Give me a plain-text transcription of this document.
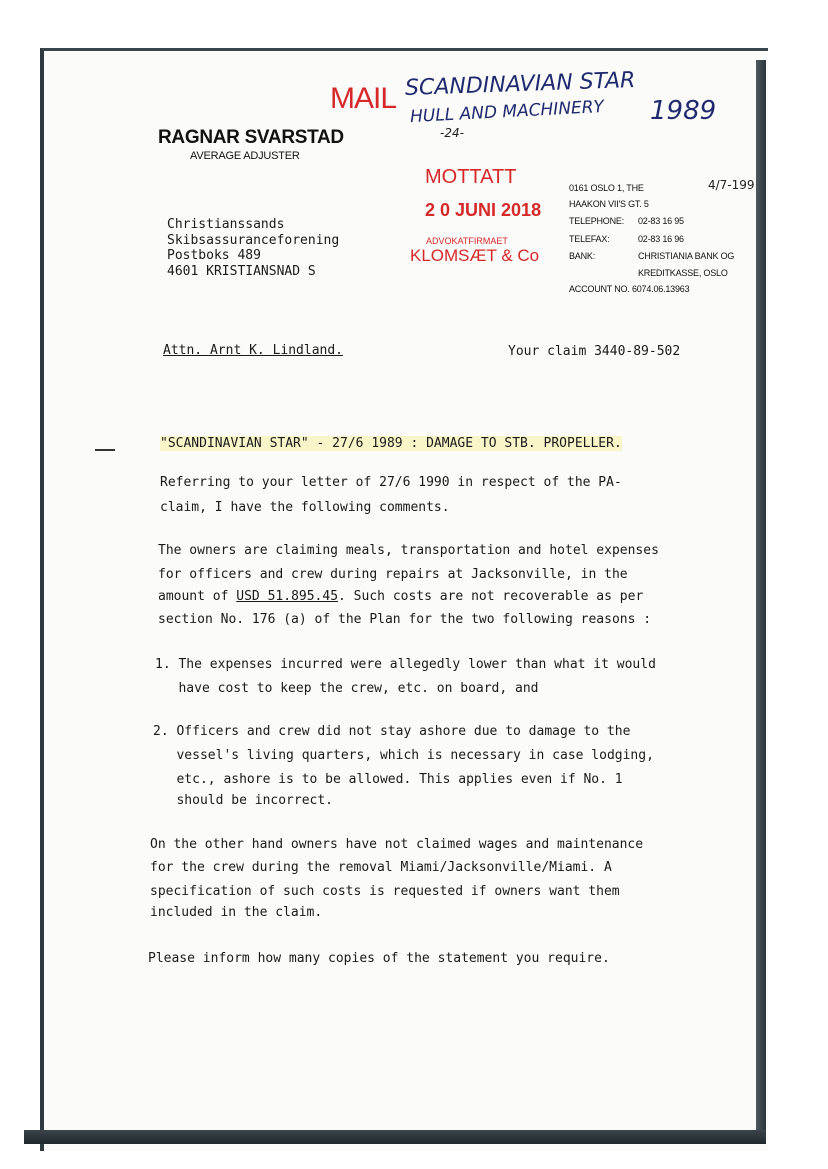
MAIL SCANDINAVIAN STAR
HULL AND MACHINERY 1989
-24-
RAGNAR SVARSTAD
AVERAGE ADJUSTER
MOTTATT
2 0 JUNI 2018
ADVOKATFIRMAET
KLOMSÆT & Co
0161 OSLO 1, THE	4/7-199
HAAKON VII'S GT. 5
TELEPHONE: 02-83 16 95
TELEFAX:	02-83 16 96
BANK:	CHRISTIANIA BANK OG
KREDITKASSE, OSLO
ACCOUNT NO. 6074.06.13963
Christianssands
Skibsassuranceforening
Postboks 489
4601 KRISTIANSNAD S
Attn. Arnt K. Lindland.	Your claim 3440-89-502
"SCANDINAVIAN STAR" - 27/6 1989 : DAMAGE TO STB. PROPELLER.
Referring to your letter of 27/6 1990 in respect of the PA-
claim, I have the following comments.
The owners are claiming meals, transportation and hotel expenses
for officers and crew during repairs at Jacksonville, in the
amount of USD 51.895.45. Such costs are not recoverable as per
section No. 176 (a) of the Plan for the two following reasons :
1. The expenses incurred were allegedly lower than what it would
have cost to keep the crew, etc. on board, and
2. Officers and crew did not stay ashore due to damage to the
vessel's living quarters, which is necessary in case lodging,
etc., ashore is to be allowed. This applies even if No. 1
should be incorrect.
On the other hand owners have not claimed wages and maintenance
for the crew during the removal Miami/Jacksonville/Miami. A
specification of such costs is requested if owners want them
included in the claim.
Please inform how many copies of the statement you require.
